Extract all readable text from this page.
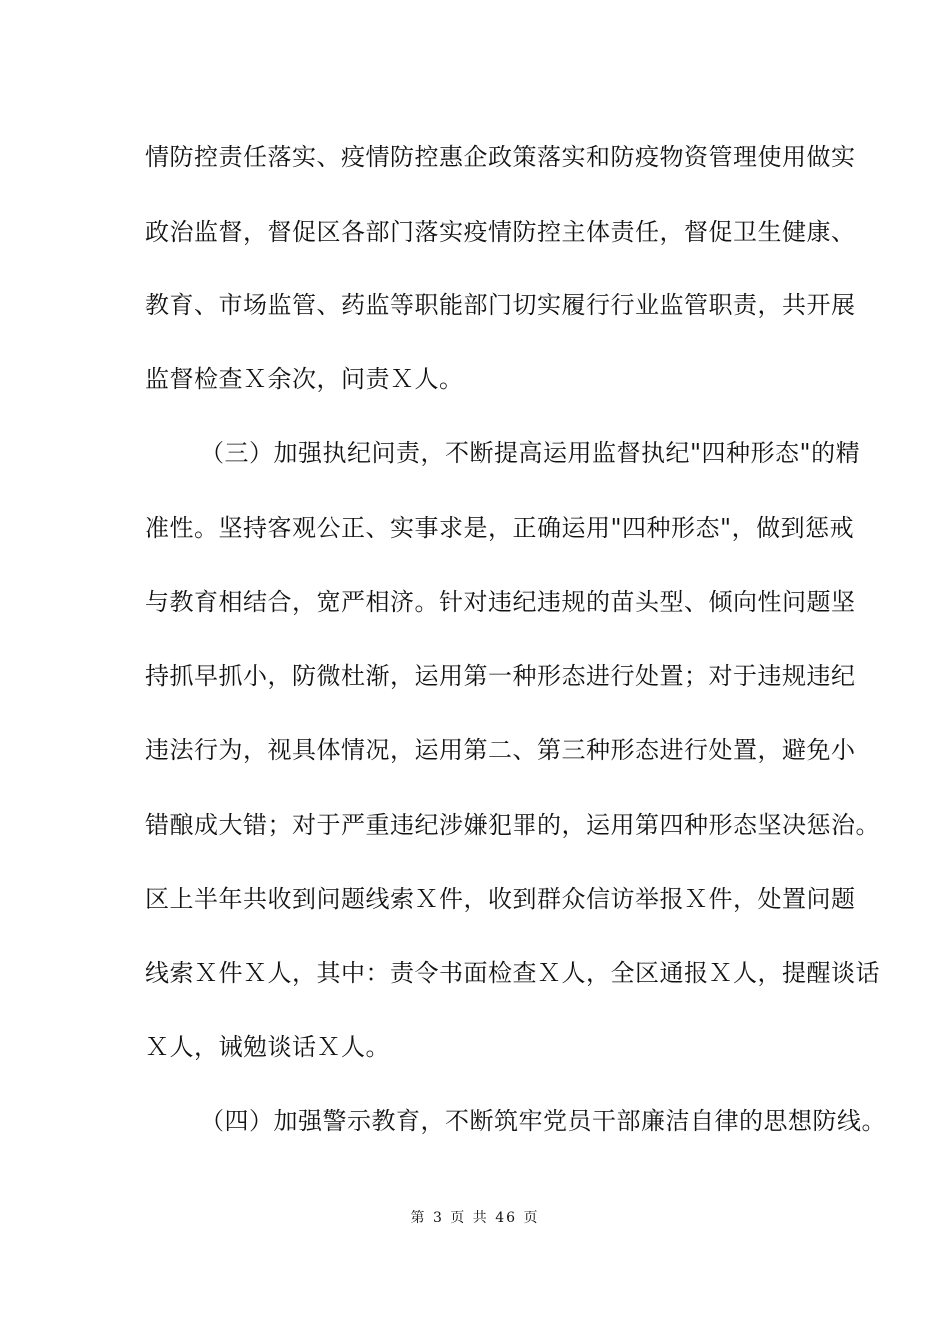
情防控责任落实、疫情防控惠企政策落实和防疫物资管理使用做实
政治监督，督促区各部门落实疫情防控主体责任，督促卫生健康、
教育、市场监管、药监等职能部门切实履行行业监管职责，共开展
监督检查Ｘ余次，问责Ｘ人。
（三）加强执纪问责，不断提高运用监督执纪"四种形态"的精
准性。坚持客观公正、实事求是，正确运用"四种形态"，做到惩戒
与教育相结合，宽严相济。针对违纪违规的苗头型、倾向性问题坚
持抓早抓小，防微杜渐，运用第一种形态进行处置；对于违规违纪
违法行为，视具体情况，运用第二、第三种形态进行处置，避免小
错酿成大错；对于严重违纪涉嫌犯罪的，运用第四种形态坚决惩治。
区上半年共收到问题线索Ｘ件，收到群众信访举报Ｘ件，处置问题
线索Ｘ件Ｘ人，其中：责令书面检查Ｘ人，全区通报Ｘ人，提醒谈话
Ｘ人，诫勉谈话Ｘ人。
（四）加强警示教育，不断筑牢党员干部廉洁自律的思想防线。
第 3 页 共 46 页
